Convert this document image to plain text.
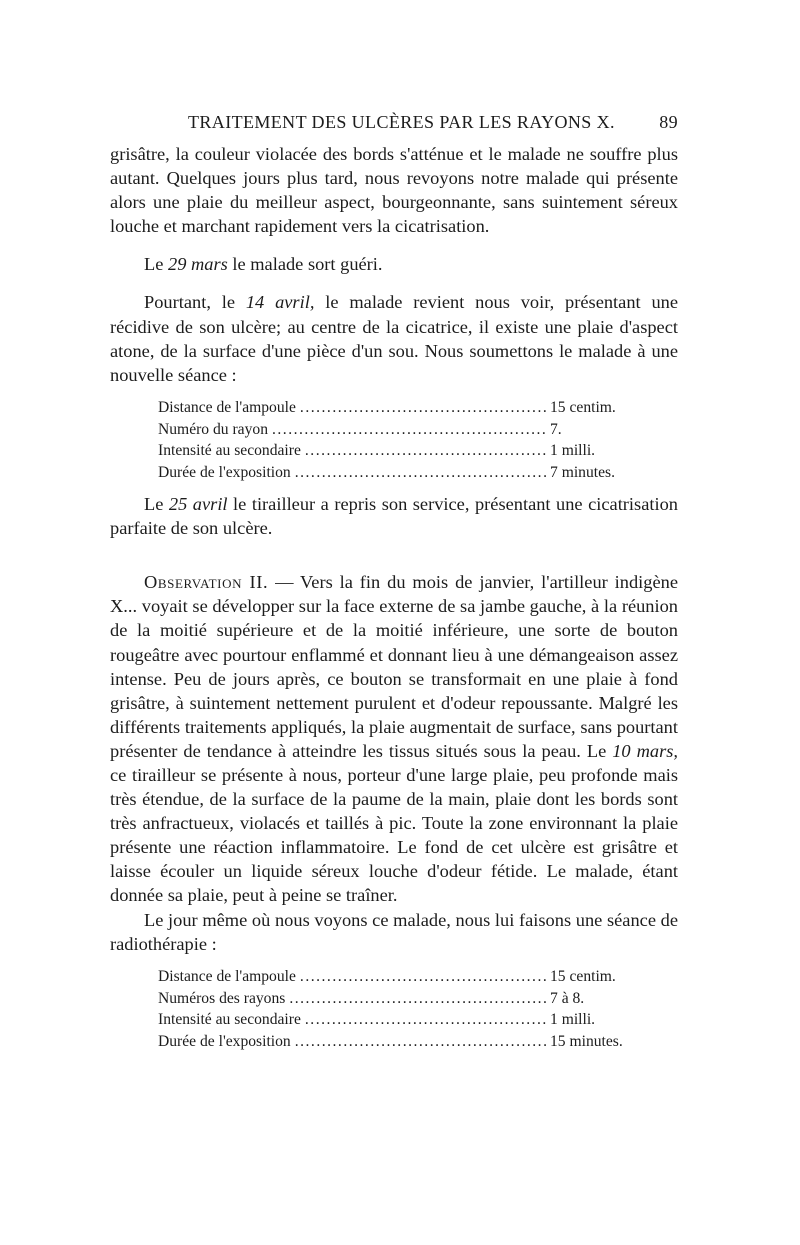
TRAITEMENT DES ULCÈRES PAR LES RAYONS X. 89

grisâtre, la couleur violacée des bords s'atténue et le malade ne souffre plus autant. Quelques jours plus tard, nous revoyons notre malade qui présente alors une plaie du meilleur aspect, bourgeonnante, sans suintement séreux louche et marchant rapidement vers la cicatrisation.

Le 29 mars le malade sort guéri.

Pourtant, le 14 avril, le malade revient nous voir, présentant une récidive de son ulcère; au centre de la cicatrice, il existe une plaie d'aspect atone, de la surface d'une pièce d'un sou. Nous soumettons le malade à une nouvelle séance :

Distance de l'ampoule .....	15 centim.
Numéro du rayon .....	7.
Intensité au secondaire .....	1 milli.
Durée de l'exposition .....	7 minutes.

Le 25 avril le tirailleur a repris son service, présentant une cicatrisation parfaite de son ulcère.

Observation II. — Vers la fin du mois de janvier, l'artilleur indigène X... voyait se développer sur la face externe de sa jambe gauche, à la réunion de la moitié supérieure et de la moitié inférieure, une sorte de bouton rougeâtre avec pourtour enflammé et donnant lieu à une démangeaison assez intense. Peu de jours après, ce bouton se transformait en une plaie à fond grisâtre, à suintement nettement purulent et d'odeur repoussante. Malgré les différents traitements appliqués, la plaie augmentait de surface, sans pourtant présenter de tendance à atteindre les tissus situés sous la peau. Le 10 mars, ce tirailleur se présente à nous, porteur d'une large plaie, peu profonde mais très étendue, de la surface de la paume de la main, plaie dont les bords sont très anfractueux, violacés et taillés à pic. Toute la zone environnant la plaie présente une réaction inflammatoire. Le fond de cet ulcère est grisâtre et laisse écouler un liquide séreux louche d'odeur fétide. Le malade, étant donnée sa plaie, peut à peine se traîner.

Le jour même où nous voyons ce malade, nous lui faisons une séance de radiothérapie :

Distance de l'ampoule .....	15 centim.
Numéros des rayons .....	7 à 8.
Intensité au secondaire .....	1 milli.
Durée de l'exposition .....	15 minutes.
